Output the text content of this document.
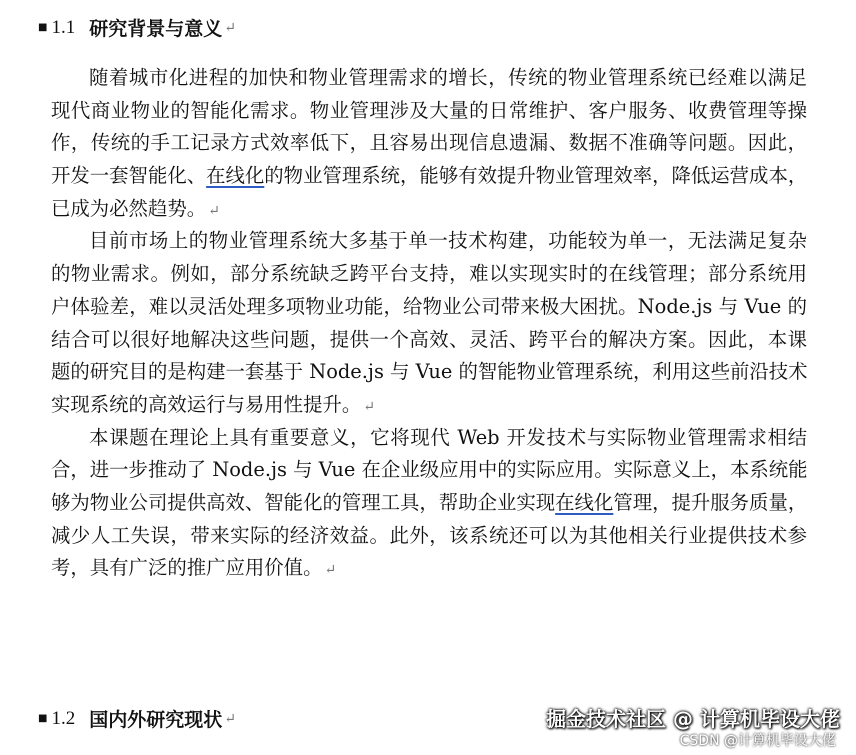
■ 1.1 研究背景与意义 ↵
随着城市化进程的加快和物业管理需求的增长，传统的物业管理系统已经难以满足
现代商业物业的智能化需求。物业管理涉及大量的日常维护、客户服务、收费管理等操
作，传统的手工记录方式效率低下，且容易出现信息遗漏、数据不准确等问题。因此，
开发一套智能化、在线化的物业管理系统，能够有效提升物业管理效率，降低运营成本，
已成为必然趋势。 ↵
目前市场上的物业管理系统大多基于单一技术构建，功能较为单一，无法满足复杂
的物业需求。例如，部分系统缺乏跨平台支持，难以实现实时的在线管理；部分系统用
户体验差，难以灵活处理多项物业功能，给物业公司带来极大困扰。Node.js 与 Vue 的
结合可以很好地解决这些问题，提供一个高效、灵活、跨平台的解决方案。因此，本课
题的研究目的是构建一套基于 Node.js 与 Vue 的智能物业管理系统，利用这些前沿技术
实现系统的高效运行与易用性提升。 ↵
本课题在理论上具有重要意义，它将现代 Web 开发技术与实际物业管理需求相结
合，进一步推动了 Node.js 与 Vue 在企业级应用中的实际应用。实际意义上，本系统能
够为物业公司提供高效、智能化的管理工具，帮助企业实现在线化管理，提升服务质量，
减少人工失误，带来实际的经济效益。此外，该系统还可以为其他相关行业提供技术参
考，具有广泛的推广应用价值。 ↵
■ 1.2 国内外研究现状 ↵	掘金技术社区 @ 计算机毕设大佬
CSDN @计算机毕设大佬
